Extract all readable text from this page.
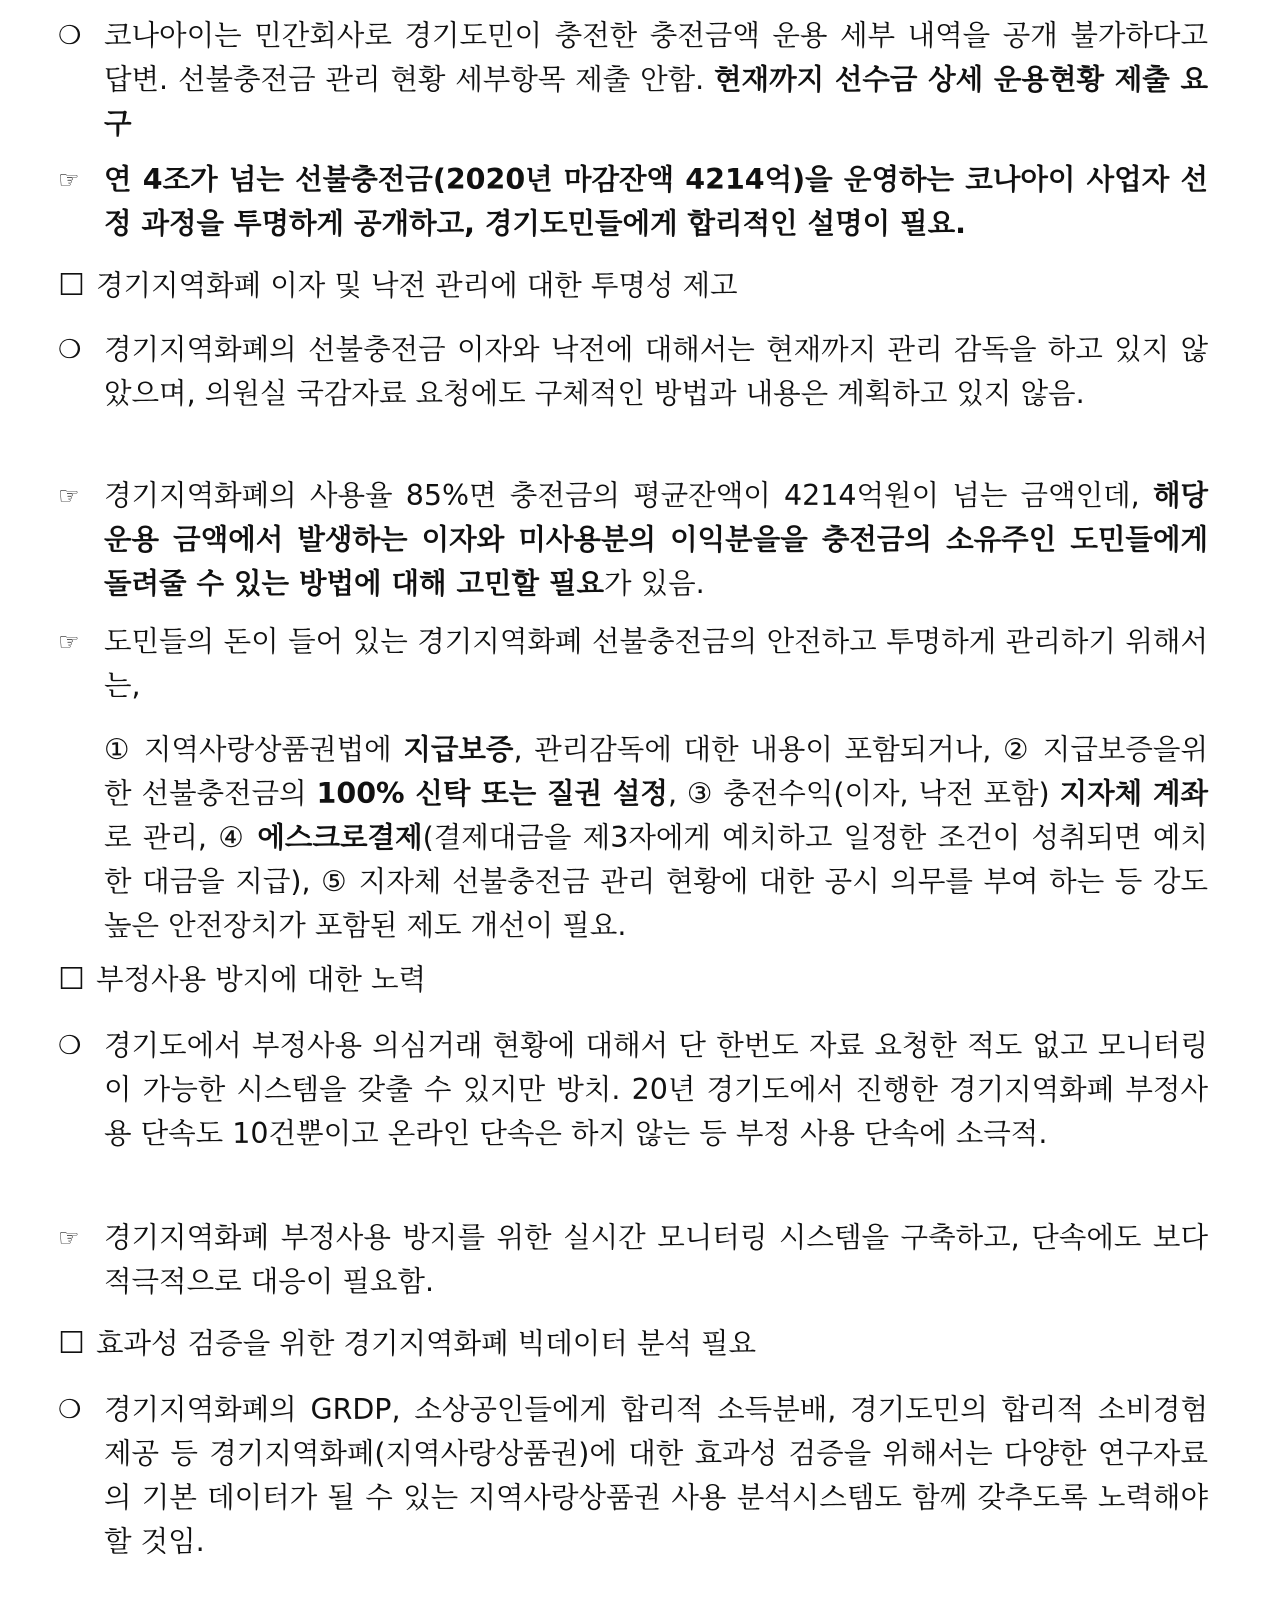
❍ 코나아이는 민간회사로 경기도민이 충전한 충전금액 운용 세부 내역을 공개 불가하다고 답변. 선불충전금 관리 현황 세부항목 제출 안함. 현재까지 선수금 상세 운용현황 제출 요구
☞ 연 4조가 넘는 선불충전금(2020년 마감잔액 4214억)을 운영하는 코나아이 사업자 선정 과정을 투명하게 공개하고, 경기도민들에게 합리적인 설명이 필요.
☐ 경기지역화폐 이자 및 낙전 관리에 대한 투명성 제고
❍ 경기지역화폐의 선불충전금 이자와 낙전에 대해서는 현재까지 관리 감독을 하고 있지 않았으며, 의원실 국감자료 요청에도 구체적인 방법과 내용은 계획하고 있지 않음.
☞ 경기지역화폐의 사용율 85%면 충전금의 평균잔액이 4214억원이 넘는 금액인데, 해당 운용 금액에서 발생하는 이자와 미사용분의 이익분을을 충전금의 소유주인 도민들에게 돌려줄 수 있는 방법에 대해 고민할 필요가 있음.
☞ 도민들의 돈이 들어 있는 경기지역화폐 선불충전금의 안전하고 투명하게 관리하기 위해서는,
① 지역사랑상품권법에 지급보증, 관리감독에 대한 내용이 포함되거나, ② 지급보증을위한 선불충전금의 100% 신탁 또는 질권 설정, ③ 충전수익(이자, 낙전 포함) 지자체 계좌로 관리, ④ 에스크로결제(결제대금을 제3자에게 예치하고 일정한 조건이 성취되면 예치한 대금을 지급), ⑤ 지자체 선불충전금 관리 현황에 대한 공시 의무를 부여 하는 등 강도 높은 안전장치가 포함된 제도 개선이 필요.
☐ 부정사용 방지에 대한 노력
❍ 경기도에서 부정사용 의심거래 현황에 대해서 단 한번도 자료 요청한 적도 없고 모니터링이 가능한 시스템을 갖출 수 있지만 방치. 20년 경기도에서 진행한 경기지역화폐 부정사용 단속도 10건뿐이고 온라인 단속은 하지 않는 등 부정 사용 단속에 소극적.
☞ 경기지역화폐 부정사용 방지를 위한 실시간 모니터링 시스템을 구축하고, 단속에도 보다 적극적으로 대응이 필요함.
☐ 효과성 검증을 위한 경기지역화폐 빅데이터 분석 필요
❍ 경기지역화폐의 GRDP, 소상공인들에게 합리적 소득분배, 경기도민의 합리적 소비경험 제공 등 경기지역화폐(지역사랑상품권)에 대한 효과성 검증을 위해서는 다양한 연구자료의 기본 데이터가 될 수 있는 지역사랑상품권 사용 분석시스템도 함께 갖추도록 노력해야 할 것임.
